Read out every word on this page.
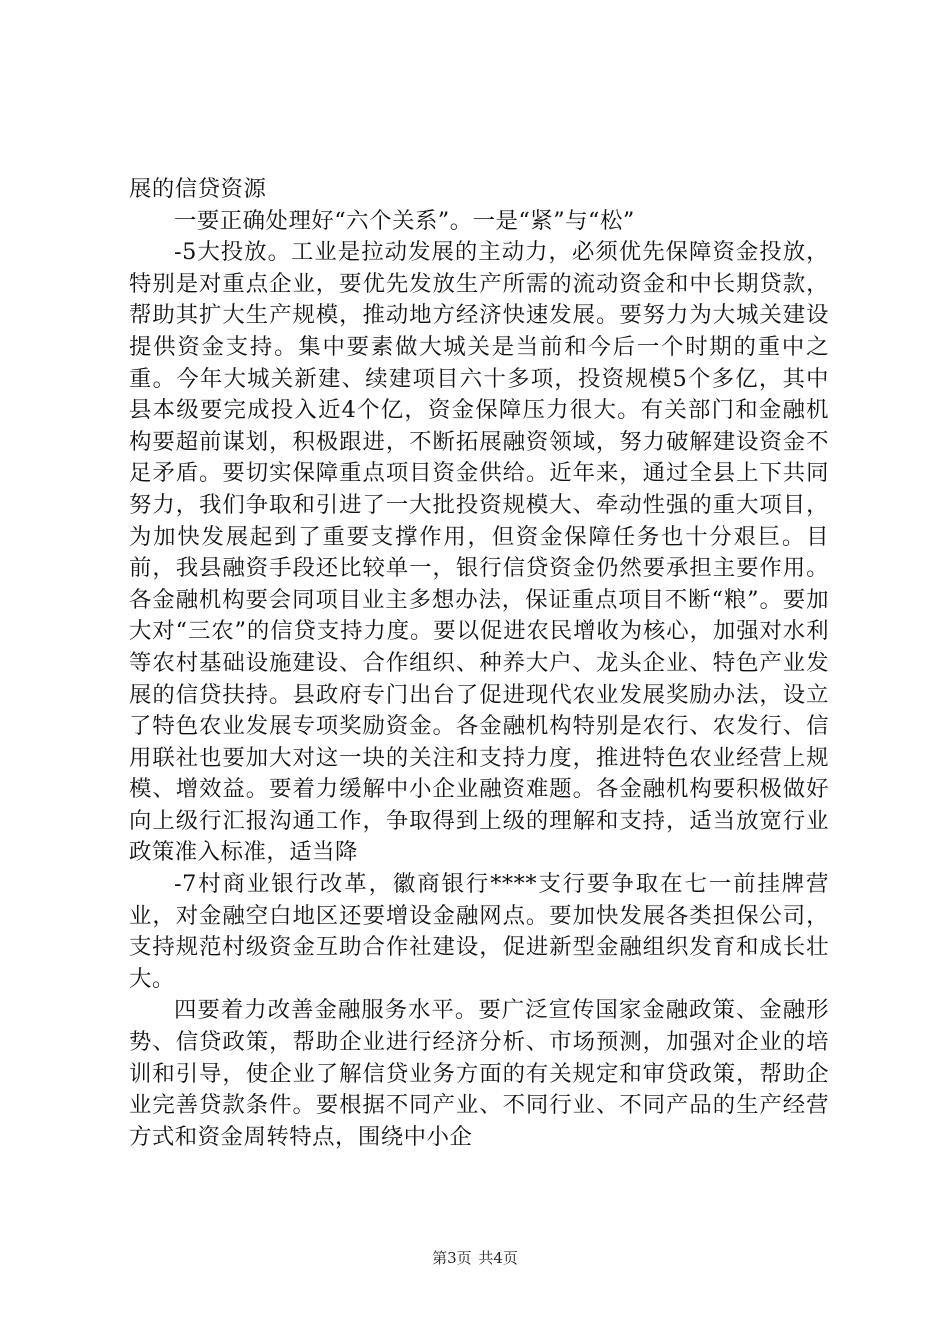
展的信贷资源

一要正确处理好“六个关系”。一是“紧”与“松”

-5大投放。工业是拉动发展的主动力，必须优先保障资金投放，特别是对重点企业，要优先发放生产所需的流动资金和中长期贷款，帮助其扩大生产规模，推动地方经济快速发展。要努力为大城关建设提供资金支持。集中要素做大城关是当前和今后一个时期的重中之重。今年大城关新建、续建项目六十多项，投资规模5个多亿，其中县本级要完成投入近4个亿，资金保障压力很大。有关部门和金融机构要超前谋划，积极跟进，不断拓展融资领域，努力破解建设资金不足矛盾。要切实保障重点项目资金供给。近年来，通过全县上下共同努力，我们争取和引进了一大批投资规模大、牵动性强的重大项目，为加快发展起到了重要支撑作用，但资金保障任务也十分艰巨。目前，我县融资手段还比较单一，银行信贷资金仍然要承担主要作用。各金融机构要会同项目业主多想办法，保证重点项目不断“粮”。要加大对“三农”的信贷支持力度。要以促进农民增收为核心，加强对水利等农村基础设施建设、合作组织、种养大户、龙头企业、特色产业发展的信贷扶持。县政府专门出台了促进现代农业发展奖励办法，设立了特色农业发展专项奖励资金。各金融机构特别是农行、农发行、信用联社也要加大对这一块的关注和支持力度，推进特色农业经营上规模、增效益。要着力缓解中小企业融资难题。各金融机构要积极做好向上级行汇报沟通工作，争取得到上级的理解和支持，适当放宽行业政策准入标准，适当降

-7村商业银行改革，徽商银行****支行要争取在七一前挂牌营业，对金融空白地区还要增设金融网点。要加快发展各类担保公司，支持规范村级资金互助合作社建设，促进新型金融组织发育和成长壮大。

四要着力改善金融服务水平。要广泛宣传国家金融政策、金融形势、信贷政策，帮助企业进行经济分析、市场预测，加强对企业的培训和引导，使企业了解信贷业务方面的有关规定和审贷政策，帮助企业完善贷款条件。要根据不同产业、不同行业、不同产品的生产经营方式和资金周转特点，围绕中小企

第3页 共4页
